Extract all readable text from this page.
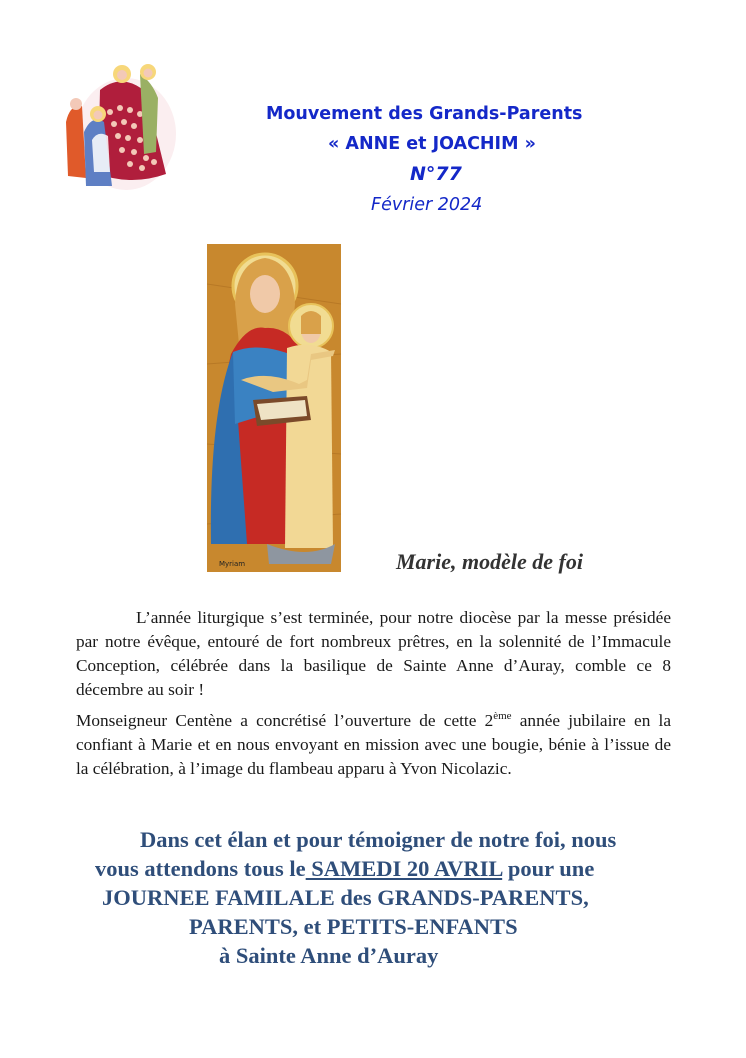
Mouvement des Grands-Parents
« ANNE et JOACHIM »
N°77
Février 2024
Myriam	Marie, modèle de foi
L’année liturgique s’est terminée, pour notre diocèse par la messe présidée par notre évêque, entouré de fort nombreux prêtres, en la solennité de l’Immacule Conception, célébrée dans la basilique de Sainte Anne d’Auray, comble ce 8 décembre au soir !
Monseigneur Centène a concrétisé l’ouverture de cette 2ème année jubilaire en la confiant à Marie et en nous envoyant en mission avec une bougie, bénie à l’issue de la célébration, à l’image du flambeau apparu à Yvon Nicolazic.
Dans cet élan et pour témoigner de notre foi, nous
vous attendons tous le SAMEDI 20 AVRIL pour une
JOURNEE FAMILALE des GRANDS-PARENTS,
PARENTS, et PETITS-ENFANTS
à Sainte Anne d’Auray
